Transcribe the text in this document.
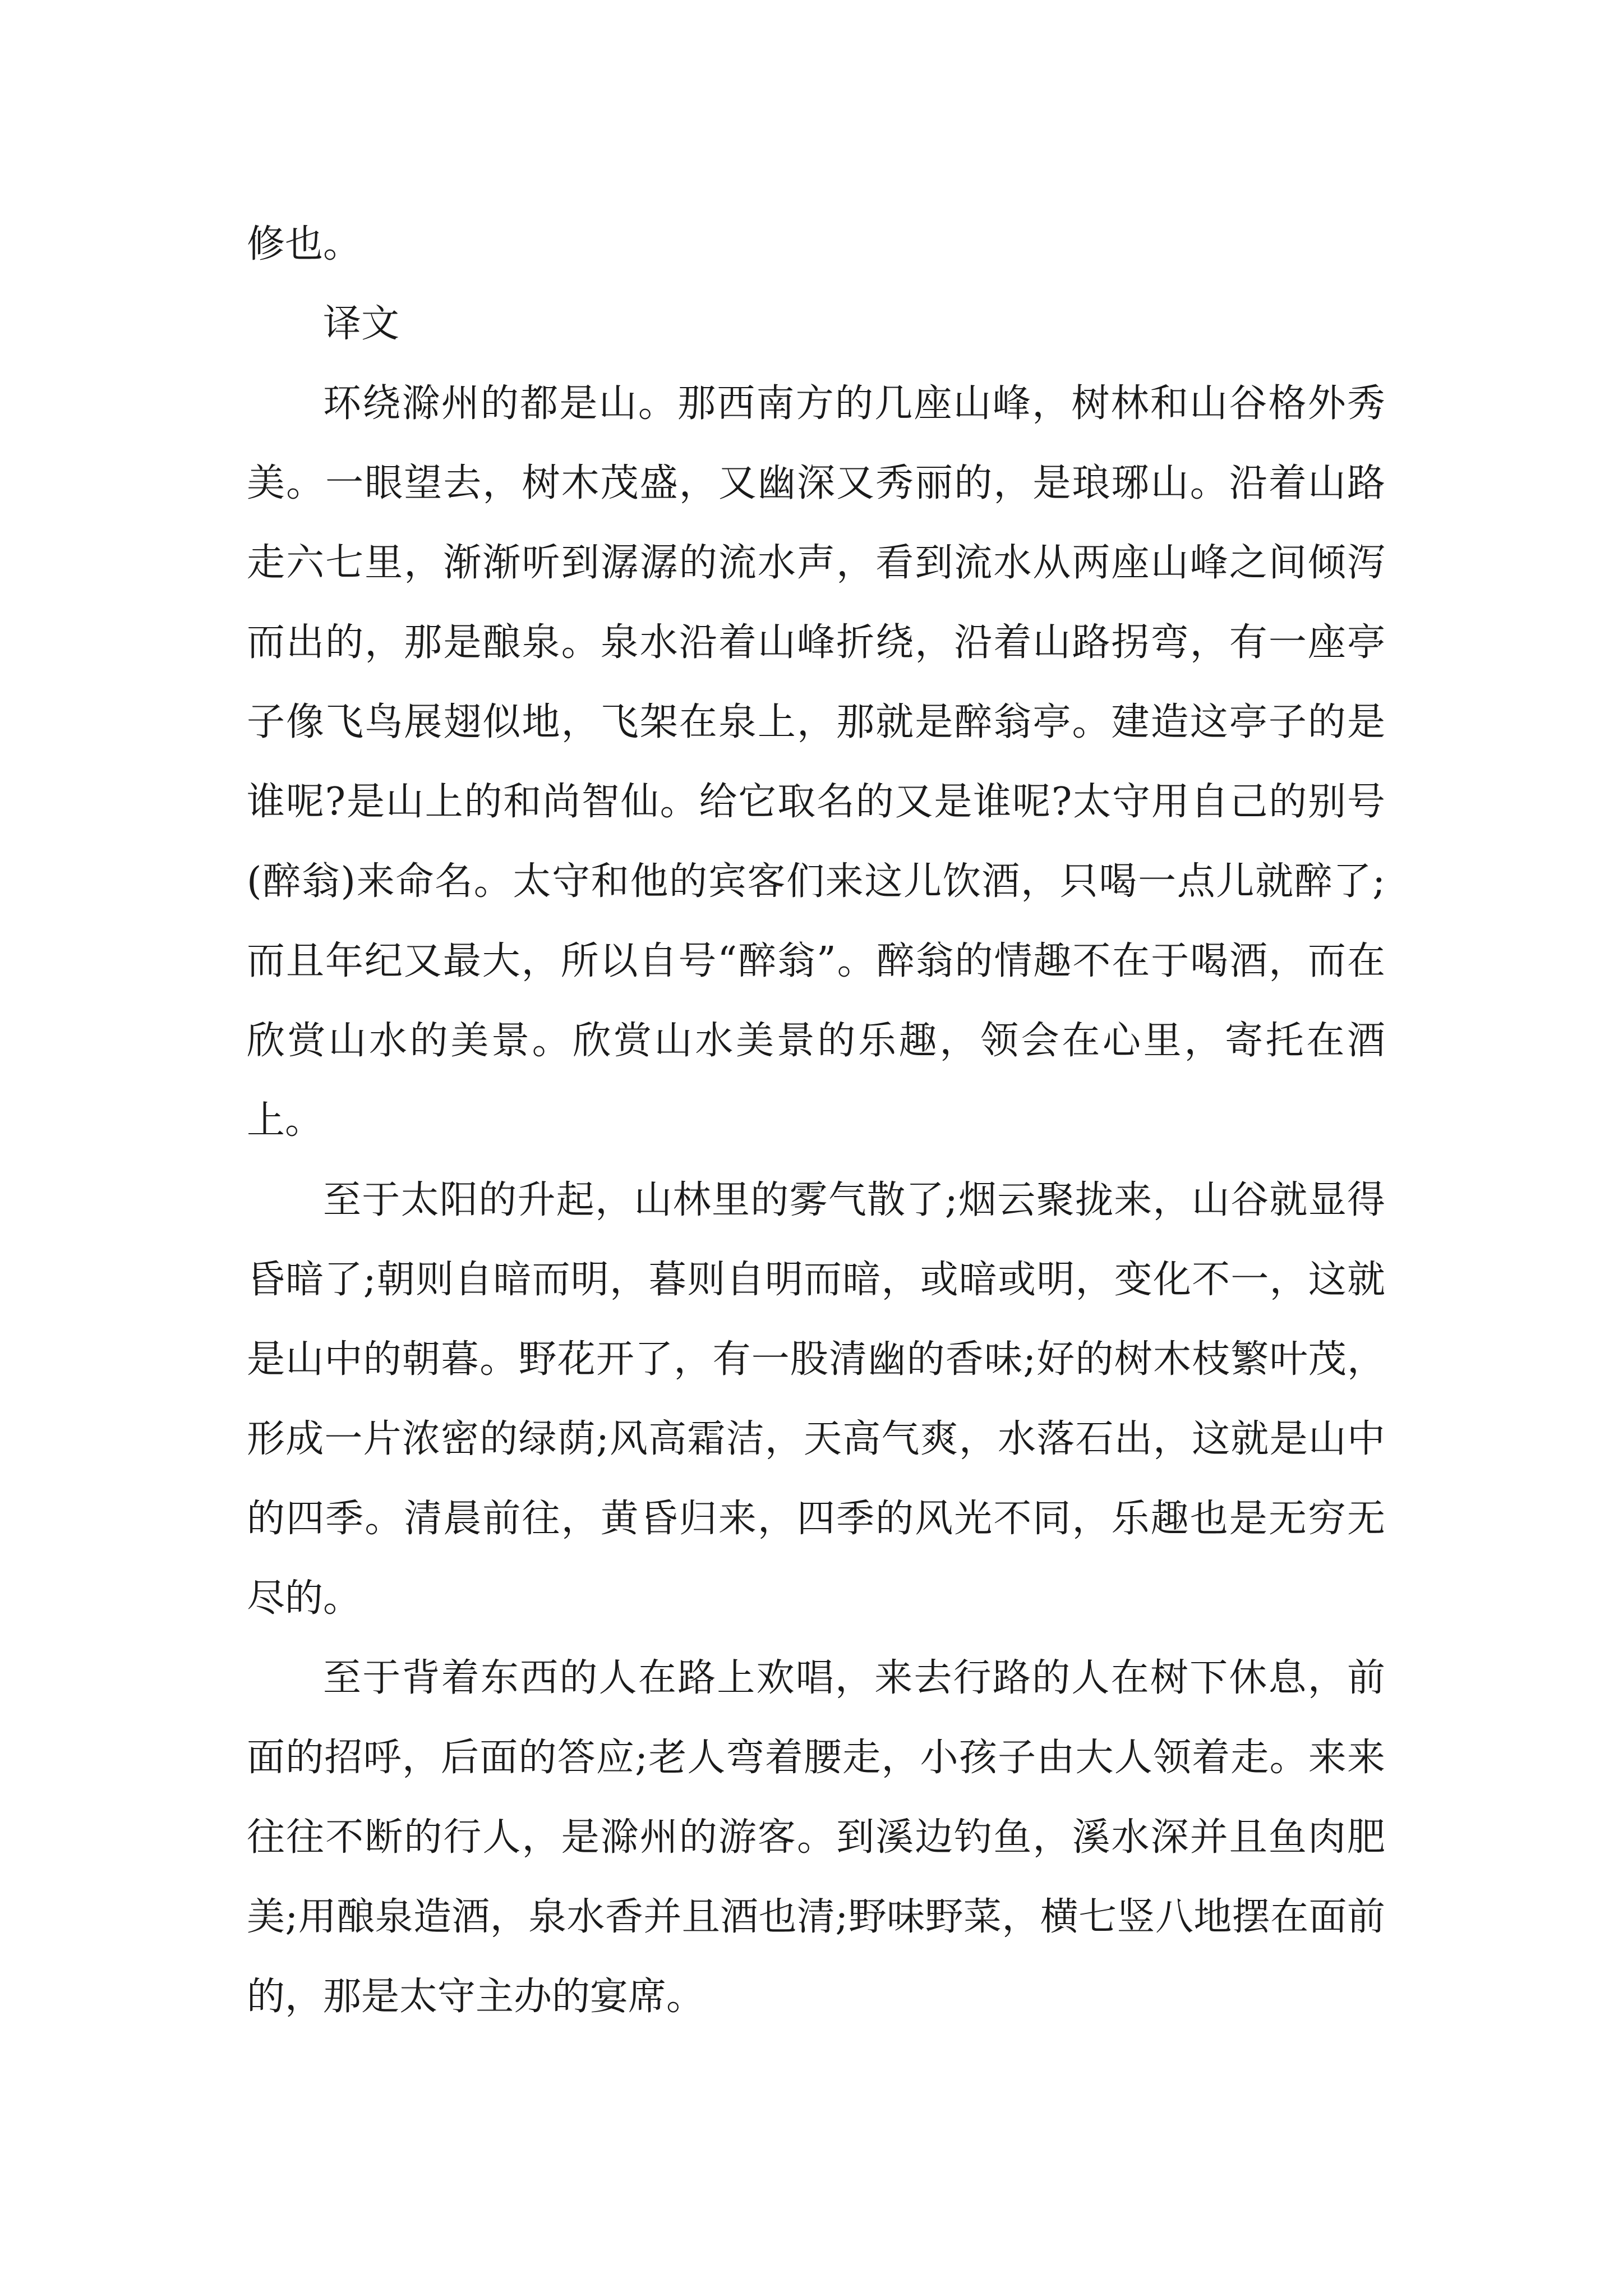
修也。

译文

环绕滁州的都是山。那西南方的几座山峰，树林和山谷格外秀美。一眼望去，树木茂盛，又幽深又秀丽的，是琅琊山。沿着山路走六七里，渐渐听到潺潺的流水声，看到流水从两座山峰之间倾泻而出的，那是酿泉。泉水沿着山峰折绕，沿着山路拐弯，有一座亭子像飞鸟展翅似地，飞架在泉上，那就是醉翁亭。建造这亭子的是谁呢?是山上的和尚智仙。给它取名的又是谁呢?太守用自己的别号(醉翁)来命名。太守和他的宾客们来这儿饮酒，只喝一点儿就醉了;而且年纪又最大，所以自号“醉翁”。醉翁的情趣不在于喝酒，而在欣赏山水的美景。欣赏山水美景的乐趣，领会在心里，寄托在酒上。

至于太阳的升起，山林里的雾气散了;烟云聚拢来，山谷就显得昏暗了;朝则自暗而明，暮则自明而暗，或暗或明，变化不一，这就是山中的朝暮。野花开了，有一股清幽的香味;好的树木枝繁叶茂，形成一片浓密的绿荫;风高霜洁，天高气爽，水落石出，这就是山中的四季。清晨前往，黄昏归来，四季的风光不同，乐趣也是无穷无尽的。

至于背着东西的人在路上欢唱，来去行路的人在树下休息，前面的招呼，后面的答应;老人弯着腰走，小孩子由大人领着走。来来往往不断的行人，是滁州的游客。到溪边钓鱼，溪水深并且鱼肉肥美;用酿泉造酒，泉水香并且酒也清;野味野菜，横七竖八地摆在面前的，那是太守主办的宴席。
